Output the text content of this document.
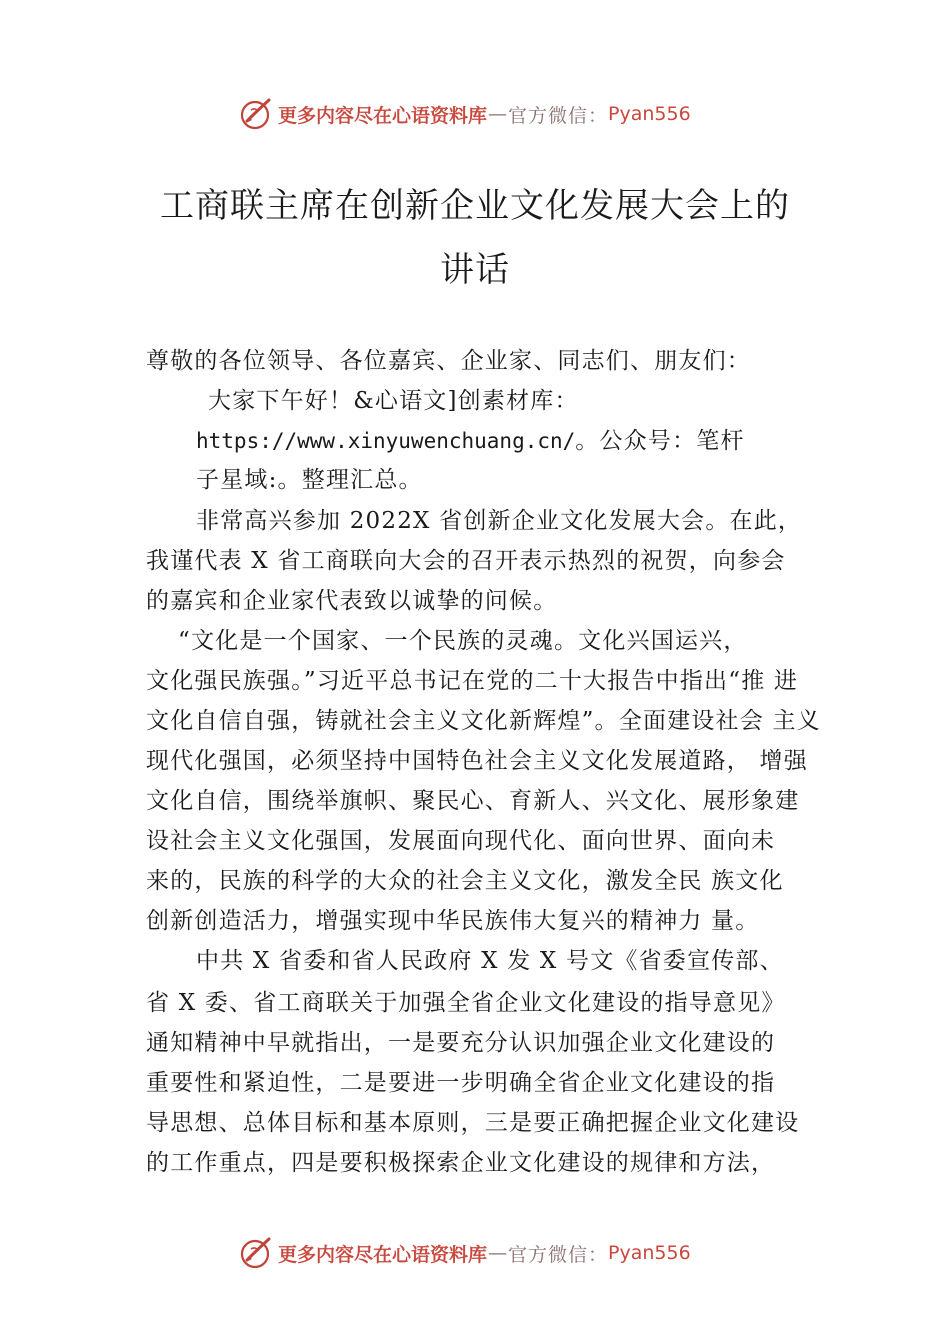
更多内容尽在心语资料库 — 官方微信： Pyan556
工商联主席在创新企业文化发展大会上的
讲话
尊敬的各位领导、各位嘉宾、企业家、同志们、朋友们：
大家下午好！&心语文]创素材库：
https://www.xinyuwenchuang.cn/。公众号：笔杆
子星域:。整理汇总。
非常高兴参加 2022X 省创新企业文化发展大会。在此，
我谨代表 X 省工商联向大会的召开表示热烈的祝贺，向参会
的嘉宾和企业家代表致以诚挚的问候。
“文化是一个国家、一个民族的灵魂。文化兴国运兴，
文化强民族强。”习近平总书记在党的二十大报告中指出“推 进
文化自信自强，铸就社会主义文化新辉煌”。全面建设社会 主义
现代化强国，必须坚持中国特色社会主义文化发展道路， 增强
文化自信，围绕举旗帜、聚民心、育新人、兴文化、展形象建
设社会主义文化强国，发展面向现代化、面向世界、面向未
来的，民族的科学的大众的社会主义文化，激发全民 族文化
创新创造活力，增强实现中华民族伟大复兴的精神力 量。
中共 X 省委和省人民政府 X 发 X 号文《省委宣传部、
省 X 委、省工商联关于加强全省企业文化建设的指导意见》
通知精神中早就指出，一是要充分认识加强企业文化建设的
重要性和紧迫性，二是要进一步明确全省企业文化建设的指
导思想、总体目标和基本原则，三是要正确把握企业文化建设
的工作重点，四是要积极探索企业文化建设的规律和方法，
更多内容尽在心语资料库 — 官方微信： Pyan556
